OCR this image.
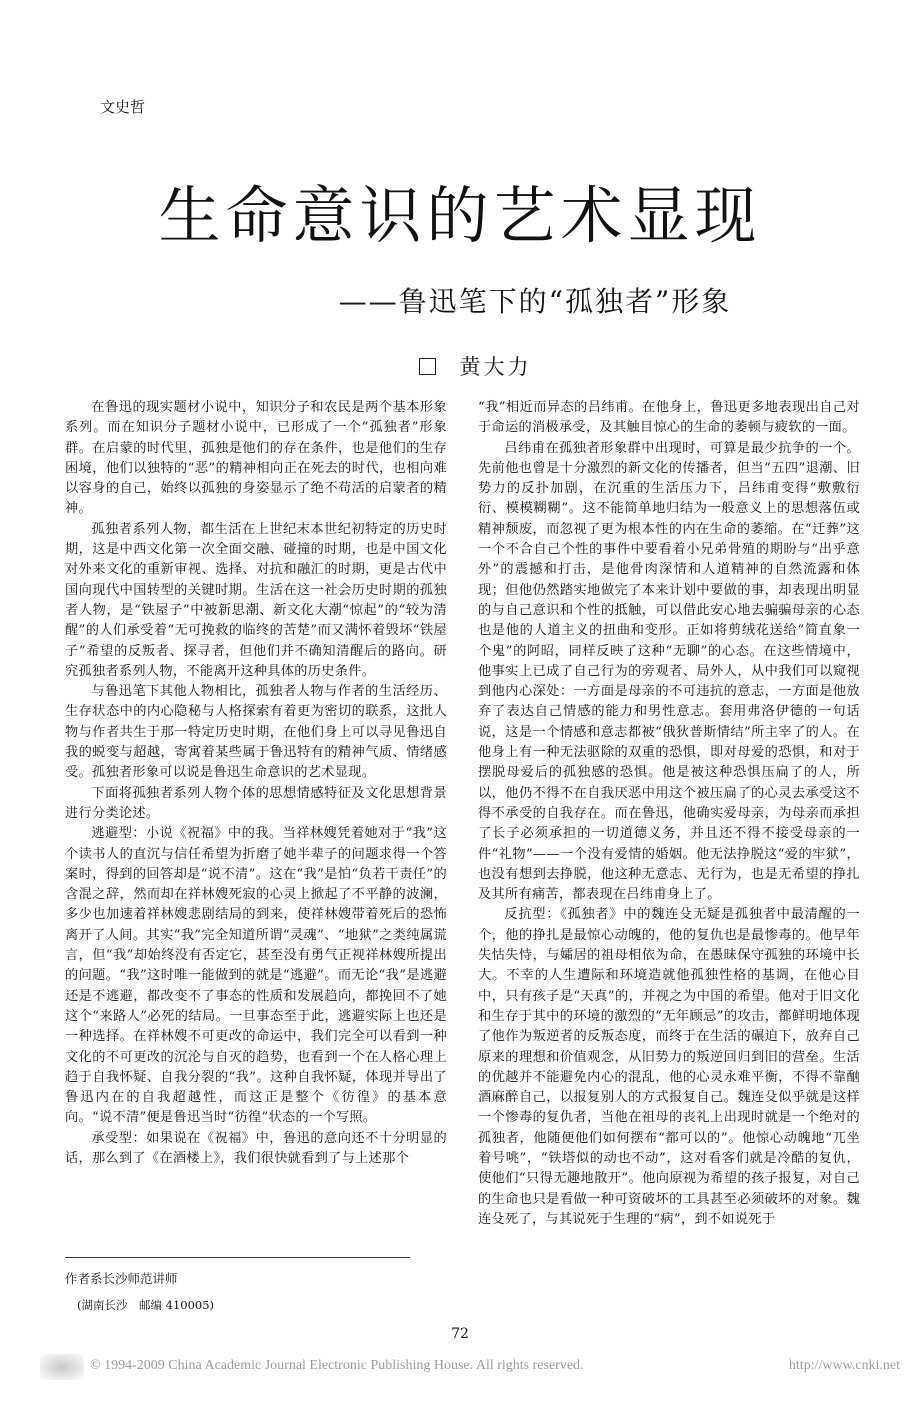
文史哲
生命意识的艺术显现
——鲁迅笔下的“孤独者”形象
黄大力

在鲁迅的现实题材小说中，知识分子和农民是两个基本形象系列。而在知识分子题材小说中，已形成了一个“孤独者”形象群。在启蒙的时代里，孤独是他们的存在条件，也是他们的生存困境，他们以独特的“恶”的精神相向正在死去的时代，也相向难以容身的自己，始终以孤独的身姿显示了绝不苟活的启蒙者的精神。

孤独者系列人物，都生活在上世纪末本世纪初特定的历史时期，这是中西文化第一次全面交融、碰撞的时期，也是中国文化对外来文化的重新审视、选择、对抗和融汇的时期，更是古代中国向现代中国转型的关键时期。生活在这一社会历史时期的孤独者人物，是“铁屋子”中被新思潮、新文化大潮“惊起”的“较为清醒”的人们承受着“无可挽救的临终的苦楚”而又满怀着毁坏“铁屋子”希望的反叛者、探寻者，但他们并不确知清醒后的路向。研究孤独者系列人物，不能离开这种具体的历史条件。

与鲁迅笔下其他人物相比，孤独者人物与作者的生活经历、生存状态中的内心隐秘与人格探索有着更为密切的联系，这批人物与作者共生于那一特定历史时期，在他们身上可以寻见鲁迅自我的蜕变与超越，寄寓着某些属于鲁迅特有的精神气质、情绪感受。孤独者形象可以说是鲁迅生命意识的艺术显现。

下面将孤独者系列人物个体的思想情感特征及文化思想背景进行分类论述。

逃避型：小说《祝福》中的我。当祥林嫂凭着她对于“我”这个读书人的直沉与信任希望为折磨了她半辈子的问题求得一个答案时，得到的回答却是“说不清”。这在“我”是怕“负若干责任”的含混之辞，然而却在祥林嫂死寂的心灵上掀起了不平静的波澜，多少也加速着祥林嫂悲剧结局的到来，使祥林嫂带着死后的恐怖离开了人间。其实“我”完全知道所谓“灵魂”、“地狱”之类纯属谎言，但“我”却始终没有否定它，甚至没有勇气正视祥林嫂所提出的问题。“我”这时唯一能做到的就是“逃避”。而无论“我”是逃避还是不逃避，都改变不了事态的性质和发展趋向，都挽回不了她这个“来路人”必死的结局。一旦事态至于此，逃避实际上也还是一种选择。在祥林嫂不可更改的命运中，我们完全可以看到一种文化的不可更改的沉沦与自灭的趋势，也看到一个在人格心理上趋于自我怀疑、自我分裂的“我”。这种自我怀疑，体现并导出了鲁迅内在的自我超越性，而这正是整个《彷徨》的基本意向。“说不清”便是鲁迅当时“彷徨”状态的一个写照。

承受型：如果说在《祝福》中，鲁迅的意向还不十分明显的话，那么到了《在酒楼上》，我们很快就看到了与上述那个

“我”相近而异态的吕纬甫。在他身上，鲁迅更多地表现出自己对于命运的消极承受，及其触目惊心的生命的萎顿与疲软的一面。

吕纬甫在孤独者形象群中出现时，可算是最少抗争的一个。先前他也曾是十分激烈的新文化的传播者，但当“五四”退潮、旧势力的反扑加剧，在沉重的生活压力下，吕纬甫变得“敷敷衍衍、模模糊糊”。这不能简单地归结为一般意义上的思想落伍或精神颓废，而忽视了更为根本性的内在生命的萎缩。在“迁葬”这一个不合自己个性的事件中要看着小兄弟骨殖的期盼与“出乎意外”的震撼和打击，是他骨肉深情和人道精神的自然流露和体现；但他仍然踏实地做完了本来计划中要做的事，却表现出明显的与自己意识和个性的抵触，可以借此安心地去骗骗母亲的心态也是他的人道主义的扭曲和变形。正如将剪绒花送给“简直象一个鬼”的阿昭，同样反映了这种“无聊”的心态。在这些情境中，他事实上已成了自己行为的旁观者、局外人，从中我们可以窥视到他内心深处：一方面是母亲的不可违抗的意志，一方面是他放弃了表达自己情感的能力和男性意志。套用弗洛伊德的一句话说，这是一个情感和意志都被“俄狄普斯情结”所主宰了的人。在他身上有一种无法驱除的双重的恐惧，即对母爱的恐惧，和对于摆脱母爱后的孤独感的恐惧。他是被这种恐惧压扁了的人，所以，他仍不得不在自我厌恶中用这个被压扁了的心灵去承受这不得不承受的自我存在。而在鲁迅，他确实爱母亲，为母亲而承担了长子必须承担的一切道德义务，并且还不得不接受母亲的一件“礼物”——一个没有爱情的婚姻。他无法挣脱这“爱的牢狱”，也没有想到去挣脱，他这种无意志、无行为，也是无希望的挣扎及其所有痛苦，都表现在吕纬甫身上了。

反抗型：《孤独者》中的魏连殳无疑是孤独者中最清醒的一个，他的挣扎是最惊心动魄的，他的复仇也是最惨毒的。他早年失怙失恃，与孀居的祖母相依为命，在愚昧保守孤独的环境中长大。不幸的人生遭际和环境造就他孤独性格的基调，在他心目中，只有孩子是“天真”的，并视之为中国的希望。他对于旧文化和生存于其中的环境的激烈的“无年顾忌”的攻击，都鲜明地体现了他作为叛逆者的反叛态度，而终于在生活的碾迫下，放弃自己原来的理想和价值观念，从旧势力的叛逆回归到旧的营垒。生活的优越并不能避免内心的混乱，他的心灵永难平衡，不得不靠酗酒麻醉自己，以报复别人的方式报复自己。魏连殳似乎就是这样一个惨毒的复仇者，当他在祖母的丧礼上出现时就是一个绝对的孤独者，他随便他们如何摆布“都可以的”。他惊心动魄地“兀坐着号咷”，“铁塔似的动也不动”，这对看客们就是冷酷的复仇，使他们“只得无趣地散开”。他向原视为希望的孩子报复，对自己的生命也只是看做一种可资破坏的工具甚至必须破坏的对象。魏连殳死了，与其说死于生理的“病”，到不如说死于

作者系长沙师范讲师
(湖南长沙　邮编 410005)
72
© 1994-2009 China Academic Journal Electronic Publishing House. All rights reserved.	http://www.cnki.net
